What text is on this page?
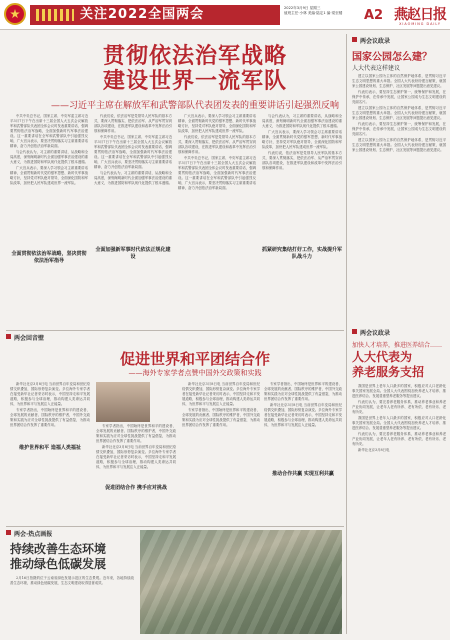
关注2022全国两会	2022年3月9日 星期三
值班主任·小林 美编·陆定1 编·梁至楼	A2 燕赵日报
XIAOMING DAILY
贯彻依法治军战略
建设世界一流军队
——习近平主席在解放军和武警部队代表团发表的重要讲话引起强烈反响

中共中央总书记、国家主席、中央军委主席习近平3月7日下午在出席十三届全国人大五次会议解放军和武警部队代表团全体会议时发表重要讲话，强调要贯彻依法治军战略，全面加强新时代军事法治建设。这一重要讲话在全军和武警部队中引起强烈反响，广大官兵表示，要坚决贯彻落实习主席重要讲话精神，奋力开创依法治军新局面。

与会代表认为，习主席的重要讲话，从战略和全局高度，深刻阐明新时代全面加强军事法治建设的重大意义，为推进国防和军队现代化提供了根本遵循。

广大官兵表示，要深入学习领会习主席重要讲话精神，全面贯彻新时代党的强军思想、新时代军事战略方针，坚持党对军队绝对领导，全面深化国防和军队改革，加快把人民军队建成世界一流军队。

全面贯彻依法治军战略，坚决贯彻依法治军指导

代表们说，依法治军是党领导人民军队的基本方式，要深入贯彻落实，把依法治军、从严治军贯穿到部队各项建设，在推进军队建设和改革中发挥法治引领和保障作用。

中共中央总书记、国家主席、中央军委主席习近平3月7日下午在出席十三届全国人大五次会议解放军和武警部队代表团全体会议时发表重要讲话，强调要贯彻依法治军战略，全面加强新时代军事法治建设。这一重要讲话在全军和武警部队中引起强烈反响，广大官兵表示，要坚决贯彻落实习主席重要讲话精神，奋力开创依法治军新局面。

与会代表认为，习主席的重要讲话，从战略和全局高度，深刻阐明新时代全面加强军事法治建设的重大意义，为推进国防和军队现代化提供了根本遵循。

全面加强新军事时代依法正规化建设

广大官兵表示，要深入学习领会习主席重要讲话精神，全面贯彻新时代党的强军思想、新时代军事战略方针，坚持党对军队绝对领导，全面深化国防和军队改革，加快把人民军队建成世界一流军队。

代表们说，依法治军是党领导人民军队的基本方式，要深入贯彻落实，把依法治军、从严治军贯穿到部队各项建设，在推进军队建设和改革中发挥法治引领和保障作用。

中共中央总书记、国家主席、中央军委主席习近平3月7日下午在出席十三届全国人大五次会议解放军和武警部队代表团全体会议时发表重要讲话，强调要贯彻依法治军战略，全面加强新时代军事法治建设。这一重要讲话在全军和武警部队中引起强烈反响，广大官兵表示，要坚决贯彻落实习主席重要讲话精神，奋力开创依法治军新局面。

与会代表认为，习主席的重要讲话，从战略和全局高度，深刻阐明新时代全面加强军事法治建设的重大意义，为推进国防和军队现代化提供了根本遵循。

广大官兵表示，要深入学习领会习主席重要讲话精神，全面贯彻新时代党的强军思想、新时代军事战略方针，坚持党对军队绝对领导，全面深化国防和军队改革，加快把人民军队建成世界一流军队。

代表们说，依法治军是党领导人民军队的基本方式，要深入贯彻落实，把依法治军、从严治军贯穿到部队各项建设，在推进军队建设和改革中发挥法治引领和保障作用。

抓紧研究集结打好工作，实战提升军队战斗力
两会回音壁
促进世界和平团结合作
——海外专家学者点赞中国外交政策和实践

新华社北京3月8日电 当前世界百年变局和世纪疫情交织叠加，国际形势复杂演变。多位海外专家学者在接受新华社记者采访时表示，中国坚持走和平发展道路，积极参与全球治理，推动构建人类命运共同体，为世界和平与发展注入正能量。

专家学者指出，中国始终是世界和平的建设者、全球发展的贡献者、国际秩序的维护者，中国外交政策和实践为应对全球性挑战提供了有益借鉴，为推动世界团结合作发挥了重要作用。

维护世界和平 造福人类福祉

专家学者指出，中国始终是世界和平的建设者、全球发展的贡献者、国际秩序的维护者，中国外交政策和实践为应对全球性挑战提供了有益借鉴，为推动世界团结合作发挥了重要作用。

新华社北京3月8日电 当前世界百年变局和世纪疫情交织叠加，国际形势复杂演变。多位海外专家学者在接受新华社记者采访时表示，中国坚持走和平发展道路，积极参与全球治理，推动构建人类命运共同体，为世界和平与发展注入正能量。

促进团结合作 携手应对挑战

新华社北京3月8日电 当前世界百年变局和世纪疫情交织叠加，国际形势复杂演变。多位海外专家学者在接受新华社记者采访时表示，中国坚持走和平发展道路，积极参与全球治理，推动构建人类命运共同体，为世界和平与发展注入正能量。

专家学者指出，中国始终是世界和平的建设者、全球发展的贡献者、国际秩序的维护者，中国外交政策和实践为应对全球性挑战提供了有益借鉴，为推动世界团结合作发挥了重要作用。

专家学者指出，中国始终是世界和平的建设者、全球发展的贡献者、国际秩序的维护者，中国外交政策和实践为应对全球性挑战提供了有益借鉴，为推动世界团结合作发挥了重要作用。

新华社北京3月8日电 当前世界百年变局和世纪疫情交织叠加，国际形势复杂演变。多位海外专家学者在接受新华社记者采访时表示，中国坚持走和平发展道路，积极参与全球治理，推动构建人类命运共同体，为世界和平与发展注入正能量。

推动合作共赢 实现互利共赢
两会·热点画报
持续改善生态环境
推动绿色低碳发展

2月16日拍摄的位于云南省绿色发展示范区的生态景观。近年来，各地持续改善生态环境，推动绿色低碳发展，生态文明建设取得显著成效。

两会议政录
国家公园怎么建？
人大代表这样建议

建立以国家公园为主体的自然保护地体系，是贯彻习近平生态文明思想的重大举措。全国人大代表纷纷建言献策，就国家公园建设规划、生态保护、社区发展等问题提出意见建议。

代表们表示，要坚持生态保护第一，统筹保护和发展，在保护中传承，在传承中发展，让国家公园成为生态文明建设的亮丽名片。

建立以国家公园为主体的自然保护地体系，是贯彻习近平生态文明思想的重大举措。全国人大代表纷纷建言献策，就国家公园建设规划、生态保护、社区发展等问题提出意见建议。

代表们表示，要坚持生态保护第一，统筹保护和发展，在保护中传承，在传承中发展，让国家公园成为生态文明建设的亮丽名片。

建立以国家公园为主体的自然保护地体系，是贯彻习近平生态文明思想的重大举措。全国人大代表纷纷建言献策，就国家公园建设规划、生态保护、社区发展等问题提出意见建议。

两会议政录
加快人才培养，推进医养结合……
人大代表为
养老服务支招

我国是世界上老年人口最多的国家，积极应对人口老龄化事关国家发展全局。全国人大代表围绕加快养老人才培养、推进医养结合、发展普惠型养老服务等提出建议。

代表们认为，要完善养老服务体系，推动养老事业和养老产业协同发展，让老年人老有所养、老有所依、老有所乐、老有所安。

我国是世界上老年人口最多的国家，积极应对人口老龄化事关国家发展全局。全国人大代表围绕加快养老人才培养、推进医养结合、发展普惠型养老服务等提出建议。

代表们认为，要完善养老服务体系，推动养老事业和养老产业协同发展，让老年人老有所养、老有所依、老有所乐、老有所安。

新华社北京3月8日电
